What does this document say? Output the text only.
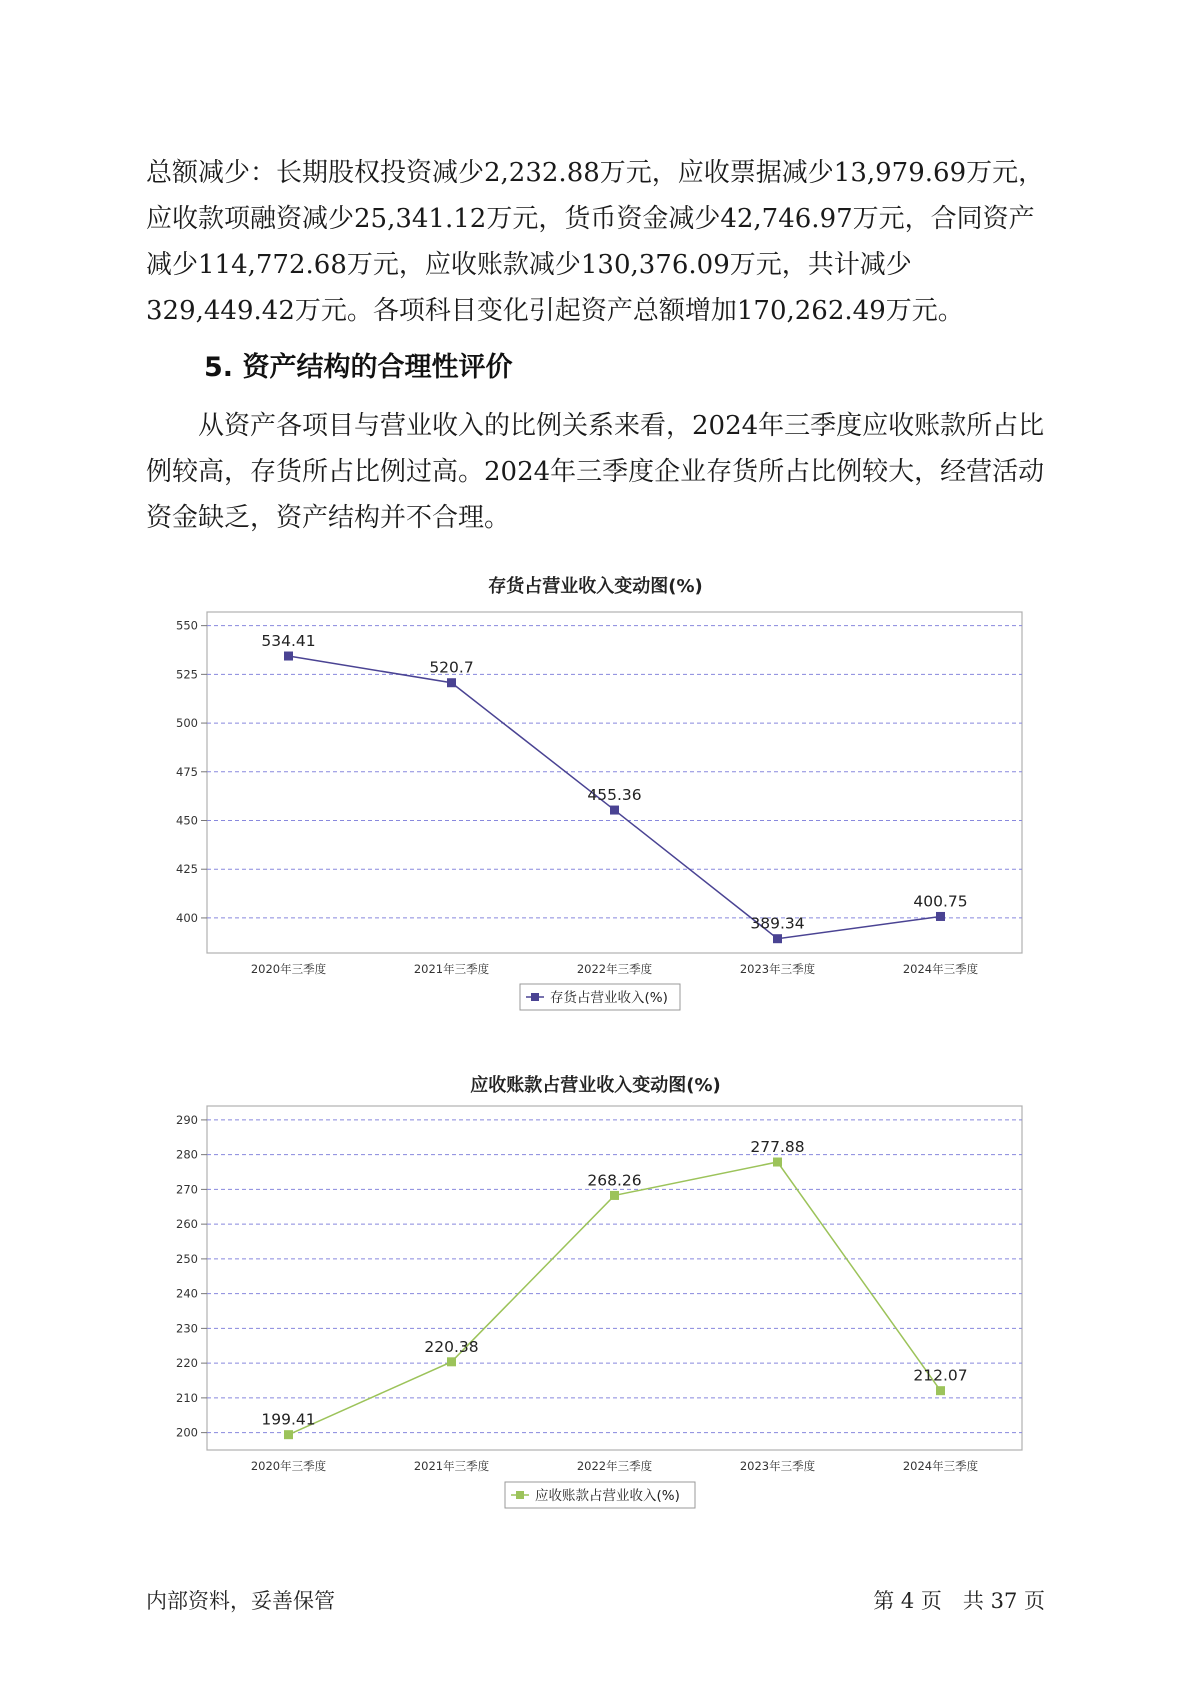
总额减少：长期股权投资减少2,232.88万元，应收票据减少13,979.69万元，应收款项融资减少25,341.12万元，货币资金减少42,746.97万元，合同资产减少114,772.68万元，应收账款减少130,376.09万元，共计减少329,449.42万元。各项科目变化引起资产总额增加170,262.49万元。

5. 资产结构的合理性评价

从资产各项目与营业收入的比例关系来看，2024年三季度应收账款所占比例较高，存货所占比例过高。2024年三季度企业存货所占比例较大，经营活动资金缺乏，资产结构并不合理。

存货占营业收入变动图(%)
400
425
450
475
500
525
550
2020年三季度	2021年三季度	2022年三季度	2023年三季度	2024年三季度
534.41
520.7
455.36
389.34
400.75
存货占营业收入(%)
应收账款占营业收入变动图(%)
200
210
220
230
240
250
260
270
280
290
2020年三季度	2021年三季度	2022年三季度	2023年三季度	2024年三季度
199.41
220.38
268.26
277.88
212.07
应收账款占营业收入(%)
内部资料，妥善保管	第 4 页　共 37 页
